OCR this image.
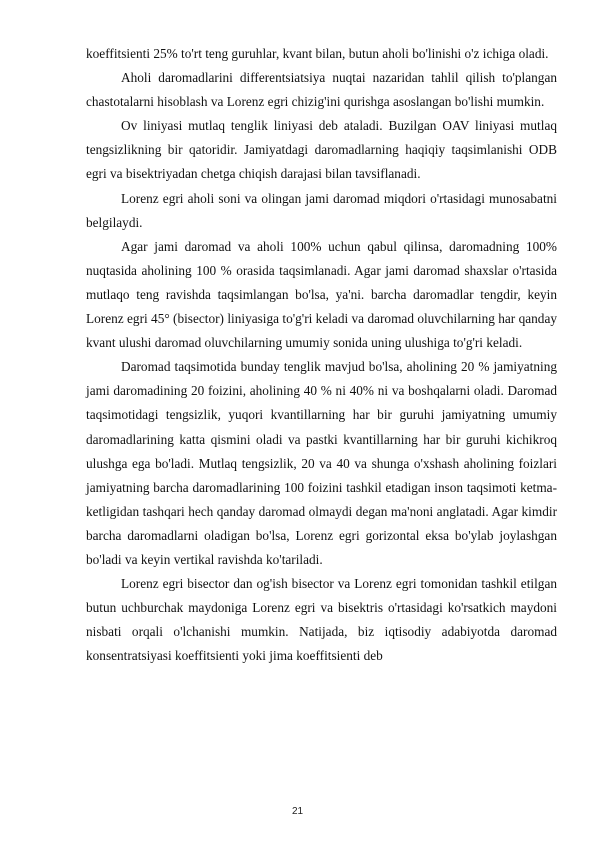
koeffitsienti 25% to'rt teng guruhlar, kvant bilan, butun aholi bo'linishi o'z ichiga oladi.

Aholi daromadlarini differentsiatsiya nuqtai nazaridan tahlil qilish to'plangan chastotalarni hisoblash va Lorenz egri chizig'ini qurishga asoslangan bo'lishi mumkin.

Ov liniyasi mutlaq tenglik liniyasi deb ataladi. Buzilgan OAV liniyasi mutlaq tengsizlikning bir qatoridir. Jamiyatdagi daromadlarning haqiqiy taqsimlanishi ODB egri va bisektriyadan chetga chiqish darajasi bilan tavsiflanadi.

Lorenz egri aholi soni va olingan jami daromad miqdori o'rtasidagi munosabatni belgilaydi.

Agar jami daromad va aholi 100% uchun qabul qilinsa, daromadning 100% nuqtasida aholining 100 % orasida taqsimlanadi. Agar jami daromad shaxslar o'rtasida mutlaqo teng ravishda taqsimlangan bo'lsa, ya'ni. barcha daromadlar tengdir, keyin Lorenz egri 45° (bisector) liniyasiga to'g'ri keladi va daromad oluvchilarning har qanday kvant ulushi daromad oluvchilarning umumiy sonida uning ulushiga to'g'ri keladi.

Daromad taqsimotida bunday tenglik mavjud bo'lsa, aholining 20 % jamiyatning jami daromadining 20 foizini, aholining 40 % ni 40% ni va boshqalarni oladi. Daromad taqsimotidagi tengsizlik, yuqori kvantillarning har bir guruhi jamiyatning umumiy daromadlarining katta qismini oladi va pastki kvantillarning har bir guruhi kichikroq ulushga ega bo'ladi. Mutlaq tengsizlik, 20 va 40 va shunga o'xshash aholining foizlari jamiyatning barcha daromadlarining 100 foizini tashkil etadigan inson taqsimoti ketma-ketligidan tashqari hech qanday daromad olmaydi degan ma'noni anglatadi. Agar kimdir barcha daromadlarni oladigan bo'lsa, Lorenz egri gorizontal eksa bo'ylab joylashgan bo'ladi va keyin vertikal ravishda ko'tariladi.

Lorenz egri bisector dan og'ish bisector va Lorenz egri tomonidan tashkil etilgan butun uchburchak maydoniga Lorenz egri va bisektris o'rtasidagi ko'rsatkich maydoni nisbati orqali o'lchanishi mumkin. Natijada, biz iqtisodiy adabiyotda daromad konsentratsiyasi koeffitsienti yoki jima koeffitsienti deb

21
